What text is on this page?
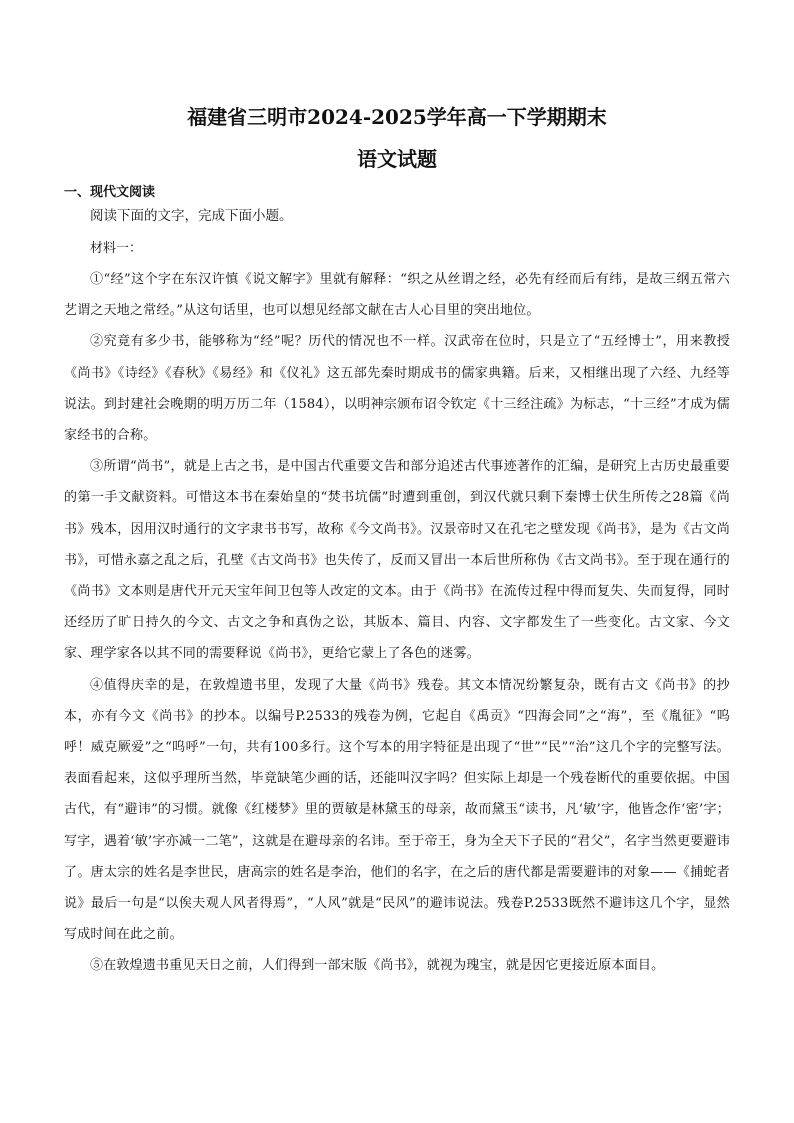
福建省三明市2024-2025学年高一下学期期末
语文试题
一、现代文阅读
阅读下面的文字，完成下面小题。
材料一：

①“经”这个字在东汉许慎《说文解字》里就有解释：“织之从丝谓之经，必先有经而后有纬，是故三纲五常六艺谓之天地之常经。”从这句话里，也可以想见经部文献在古人心目里的突出地位。

②究竟有多少书，能够称为“经”呢？历代的情况也不一样。汉武帝在位时，只是立了“五经博士”，用来教授《尚书》《诗经》《春秋》《易经》和《仪礼》这五部先秦时期成书的儒家典籍。后来，又相继出现了六经、九经等说法。到封建社会晚期的明万历二年（1584），以明神宗颁布诏令钦定《十三经注疏》为标志，“十三经”才成为儒家经书的合称。

③所谓“尚书”，就是上古之书，是中国古代重要文告和部分追述古代事迹著作的汇编，是研究上古历史最重要的第一手文献资料。可惜这本书在秦始皇的“焚书坑儒”时遭到重创，到汉代就只剩下秦博士伏生所传之28篇《尚书》残本，因用汉时通行的文字隶书书写，故称《今文尚书》。汉景帝时又在孔宅之壁发现《尚书》，是为《古文尚书》，可惜永嘉之乱之后，孔壁《古文尚书》也失传了，反而又冒出一本后世所称伪《古文尚书》。至于现在通行的《尚书》文本则是唐代开元天宝年间卫包等人改定的文本。由于《尚书》在流传过程中得而复失、失而复得，同时还经历了旷日持久的今文、古文之争和真伪之讼，其版本、篇目、内容、文字都发生了一些变化。古文家、今文家、理学家各以其不同的需要释说《尚书》，更给它蒙上了各色的迷雾。

④值得庆幸的是，在敦煌遗书里，发现了大量《尚书》残卷。其文本情况纷繁复杂，既有古文《尚书》的抄本，亦有今文《尚书》的抄本。以编号P.2533的残卷为例，它起自《禹贡》“四海会同”之“海”，至《胤征》“呜呼！威克厥爱”之“呜呼”一句，共有100多行。这个写本的用字特征是出现了“世”“民”“治”这几个字的完整写法。表面看起来，这似乎理所当然，毕竟缺笔少画的话，还能叫汉字吗？但实际上却是一个残卷断代的重要依据。中国古代，有“避讳”的习惯。就像《红楼梦》里的贾敏是林黛玉的母亲，故而黛玉“读书，凡‘敏’字，他皆念作‘密’字；写字，遇着‘敏’字亦减一二笔”，这就是在避母亲的名讳。至于帝王，身为全天下子民的“君父”，名字当然更要避讳了。唐太宗的姓名是李世民，唐高宗的姓名是李治，他们的名字，在之后的唐代都是需要避讳的对象——《捕蛇者说》最后一句是“以俟夫观人风者得焉”，“人风”就是“民风”的避讳说法。残卷P.2533既然不避讳这几个字，显然写成时间在此之前。

⑤在敦煌遗书重见天日之前，人们得到一部宋版《尚书》，就视为瑰宝，就是因它更接近原本面目。
